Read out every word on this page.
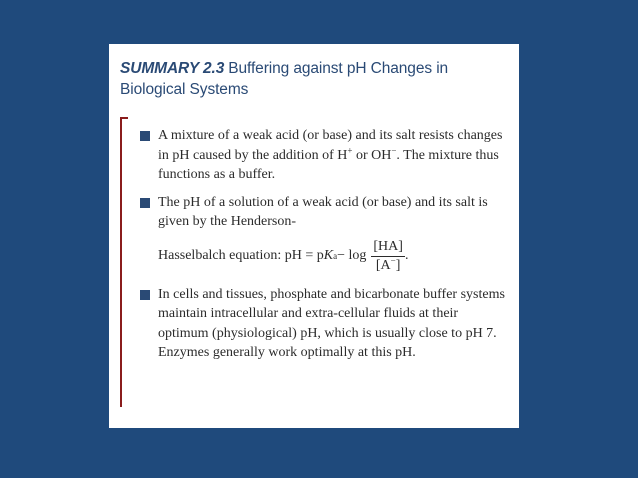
SUMMARY 2.3 Buffering against pH Changes in Biological Systems
A mixture of a weak acid (or base) and its salt resists changes in pH caused by the addition of H+ or OH−. The mixture thus functions as a buffer.
The pH of a solution of a weak acid (or base) and its salt is given by the Henderson-
Hasselbalch equation: pH = p K $a - \log \frac{[HA]}{[A^-]}$ .
In cells and tissues, phosphate and bicarbonate buffer systems maintain intracellular and extra-cellular fluids at their optimum (physiological) pH, which is usually close to pH 7. Enzymes generally work optimally at this pH.
